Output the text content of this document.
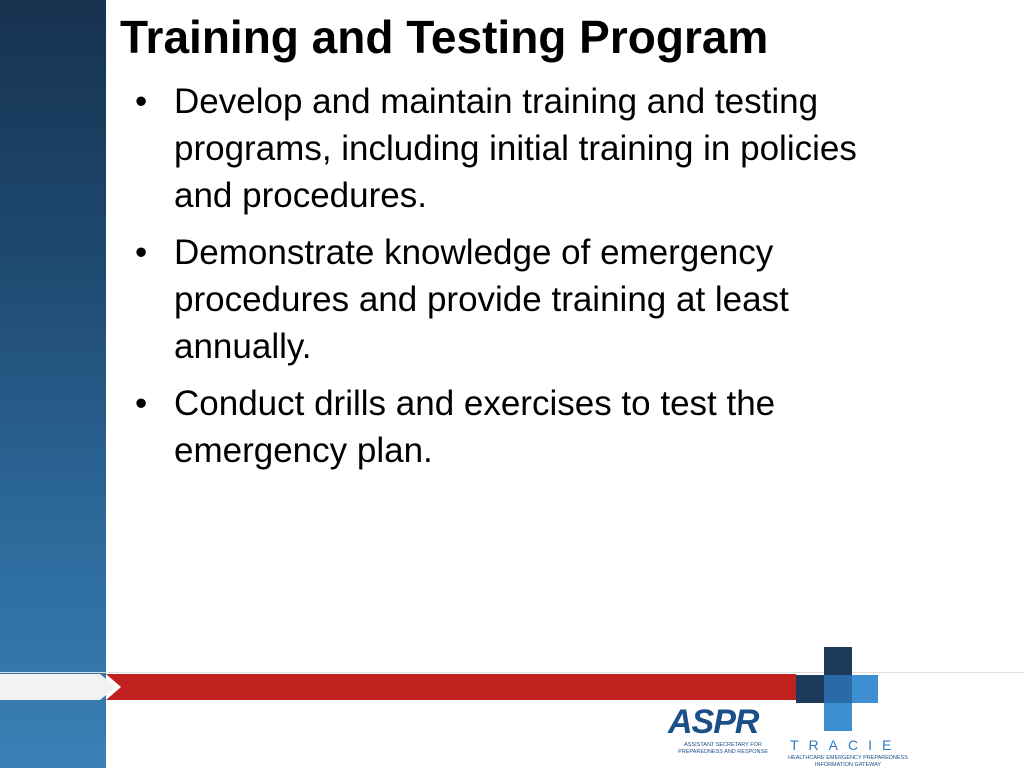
Training and Testing Program
• Develop and maintain training and testing programs, including initial training in policies and procedures.
• Demonstrate knowledge of emergency procedures and provide training at least annually.
• Conduct drills and exercises to test the emergency plan.
ASPR
ASSISTANT SECRETARY FOR PREPAREDNESS AND RESPONSE	TRACIE
HEALTHCARE EMERGENCY PREPAREDNESS INFORMATION GATEWAY
